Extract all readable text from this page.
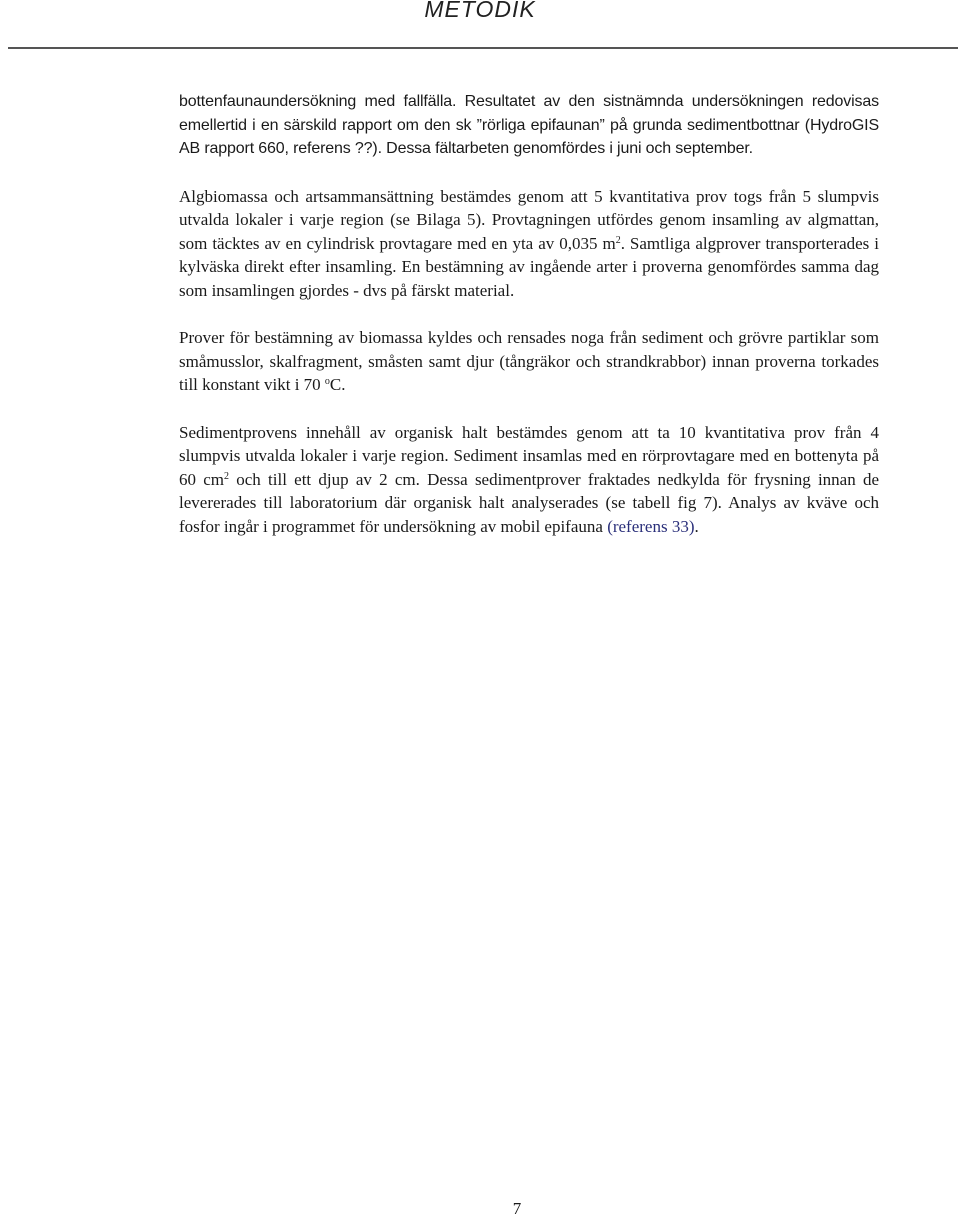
METODIK

bottenfaunaundersökning med fallfälla. Resultatet av den sistnämnda undersökningen redovisas emellertid i en särskild rapport om den sk ”rörliga epifaunan” på grunda sedimentbottnar (HydroGIS AB rapport 660, referens ??). Dessa fältarbeten genomfördes i juni och september.

Algbiomassa och artsammansättning bestämdes genom att 5 kvantitativa prov togs från 5 slumpvis utvalda lokaler i varje region (se Bilaga 5). Provtagningen utfördes genom insamling av algmattan, som täcktes av en cylindrisk provtagare med en yta av 0,035 $m^2$. Samtliga algprover transporterades i kylväska direkt efter insamling. En bestämning av ingående arter i proverna genomfördes samma dag som insamlingen gjordes - dvs på färskt material.

Prover för bestämning av biomassa kyldes och rensades noga från sediment och grövre partiklar som småmusslor, skalfragment, småsten samt djur (tångräkor och strandkrabbor) innan proverna torkades till konstant vikt i 70 $^o$C.

Sedimentprovens innehåll av organisk halt bestämdes genom att ta 10 kvantitativa prov från 4 slumpvis utvalda lokaler i varje region. Sediment insamlas med en rörprovtagare med en bottenyta på 60 $cm^2$ och till ett djup av 2 cm. Dessa sedimentprover fraktades nedkylda för frysning innan de levererades till laboratorium där organisk halt analyserades (se tabell fig 7). Analys av kväve och fosfor ingår i programmet för undersökning av mobil epifauna (referens 33).

7
